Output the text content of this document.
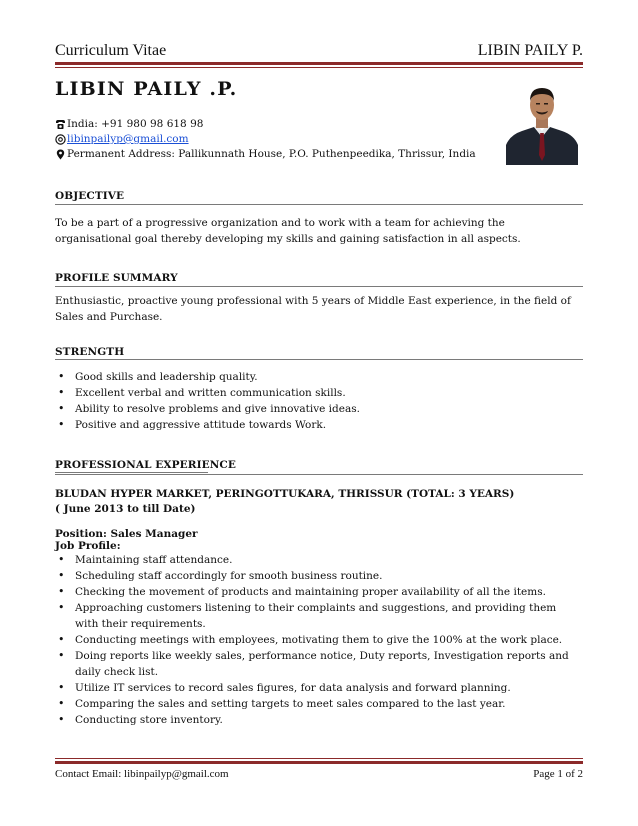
Curriculum Vitae	LIBIN PAILY P.
LIBIN PAILY .P.
India: +91 980 98 618 98
libinpailyp@gmail.com
Permanent Address: Pallikunnath House, P.O. Puthenpeedika, Thrissur, India
OBJECTIVE
To be a part of a progressive organization and to work with a team for achieving the organisational goal thereby developing my skills and gaining satisfaction in all aspects.
PROFILE SUMMARY
Enthusiastic, proactive young professional with 5 years of Middle East experience, in the field of Sales and Purchase.
STRENGTH
• Good skills and leadership quality.
• Excellent verbal and written communication skills.
• Ability to resolve problems and give innovative ideas.
• Positive and aggressive attitude towards Work.
PROFESSIONAL EXPERIENCE
BLUDAN HYPER MARKET, PERINGOTTUKARA, THRISSUR (TOTAL: 3 YEARS)
( June 2013 to till Date)
Position: Sales Manager
Job Profile:
• Maintaining staff attendance.
• Scheduling staff accordingly for smooth business routine.
• Checking the movement of products and maintaining proper availability of all the items.
• Approaching customers listening to their complaints and suggestions, and providing them with their requirements.
• Conducting meetings with employees, motivating them to give the 100% at the work place.
• Doing reports like weekly sales, performance notice, Duty reports, Investigation reports and daily check list.
• Utilize IT services to record sales figures, for data analysis and forward planning.
• Comparing the sales and setting targets to meet sales compared to the last year.
• Conducting store inventory.
Contact Email: libinpailyp@gmail.com	Page 1 of 2
